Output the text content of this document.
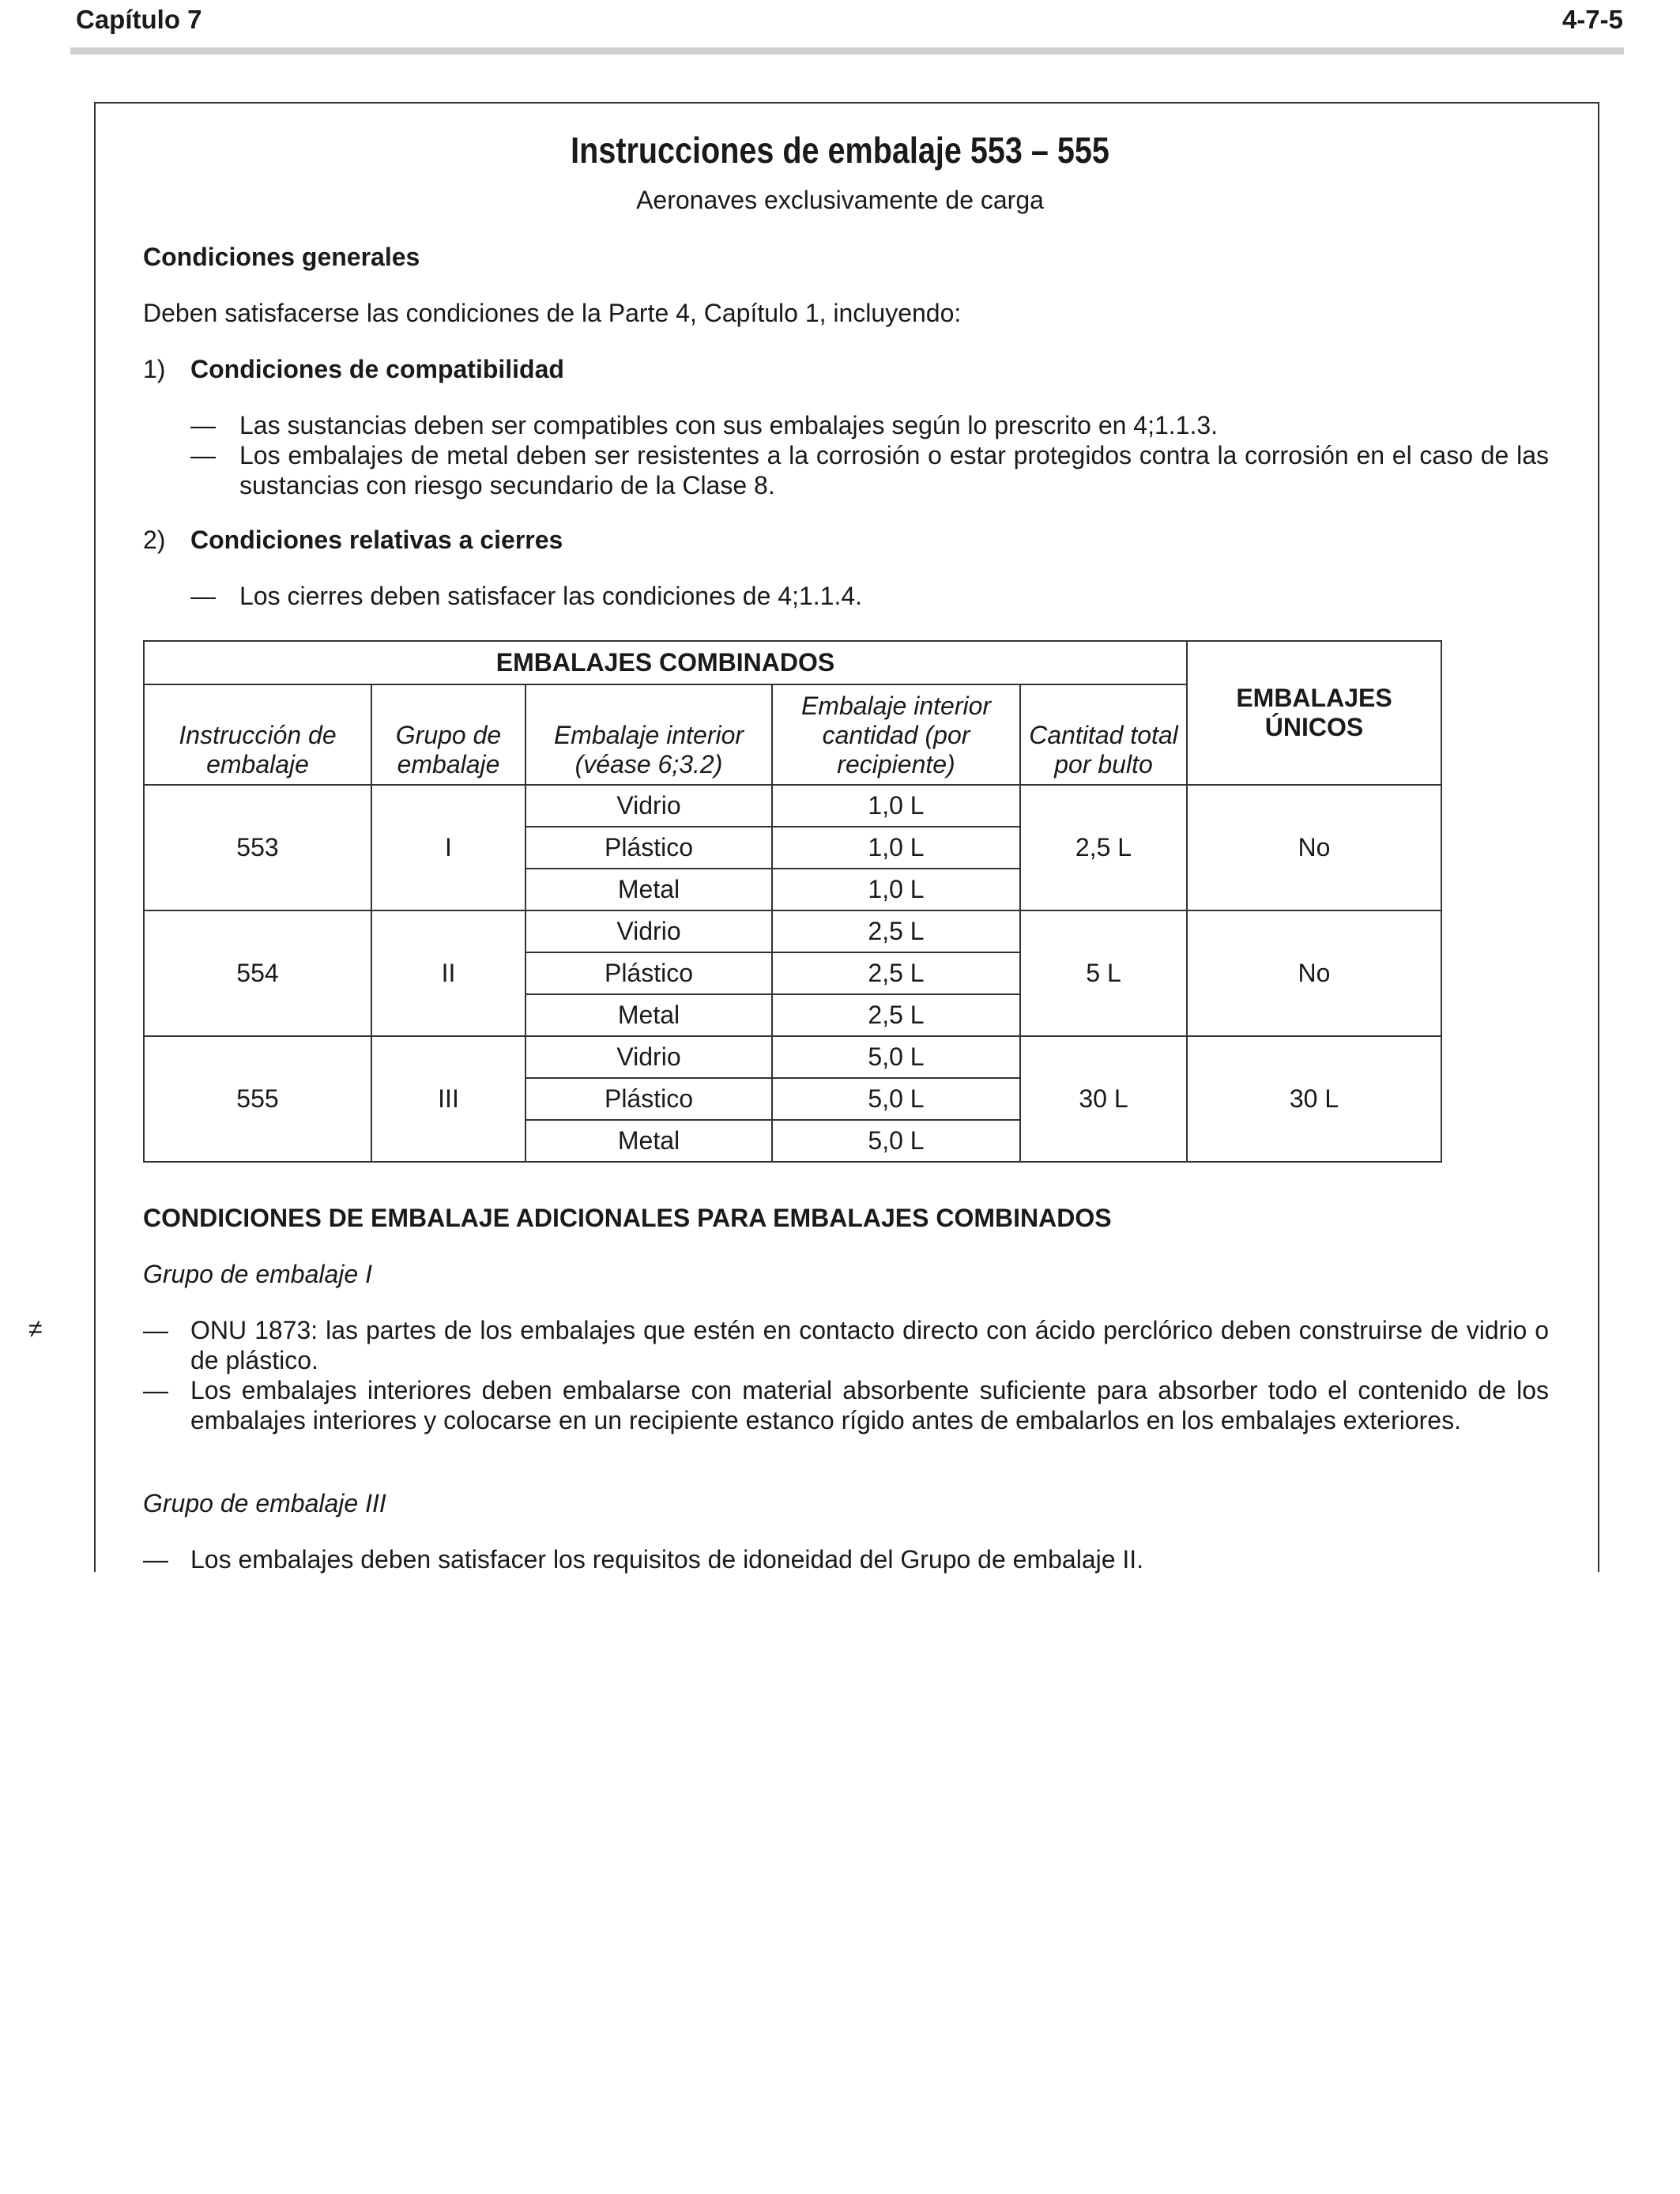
Capítulo 7	4-7-5
Instrucciones de embalaje 553 – 555
Aeronaves exclusivamente de carga
Condiciones generales
Deben satisfacerse las condiciones de la Parte 4, Capítulo 1, incluyendo:
1) Condiciones de compatibilidad
— Las sustancias deben ser compatibles con sus embalajes según lo prescrito en 4;1.1.3.
— Los embalajes de metal deben ser resistentes a la corrosión o estar protegidos contra la corrosión en el caso de las sustancias con riesgo secundario de la Clase 8.
2) Condiciones relativas a cierres
— Los cierres deben satisfacer las condiciones de 4;1.1.4.
EMBALAJES COMBINADOS					EMBALAJES ÚNICOS
Instrucción de embalaje	Grupo de embalaje	Embalaje interior (véase 6;3.2)	Embalaje interior cantidad (por recipiente)	Cantitad total por bulto	
553	I	Vidrio	1,0 L	2,5 L	No
		Plástico	1,0 L		
		Metal	1,0 L		
554	II	Vidrio	2,5 L	5 L	No
		Plástico	2,5 L		
		Metal	2,5 L		
555	III	Vidrio	5,0 L	30 L	30 L
		Plástico	5,0 L		
		Metal	5,0 L		
CONDICIONES DE EMBALAJE ADICIONALES PARA EMBALAJES COMBINADOS
Grupo de embalaje I
≠	— ONU 1873: las partes de los embalajes que estén en contacto directo con ácido perclórico deben construirse de vidrio o de plástico.
— Los embalajes interiores deben embalarse con material absorbente suficiente para absorber todo el contenido de los embalajes interiores y colocarse en un recipiente estanco rígido antes de embalarlos en los embalajes exteriores.
Grupo de embalaje III
— Los embalajes deben satisfacer los requisitos de idoneidad del Grupo de embalaje II.
